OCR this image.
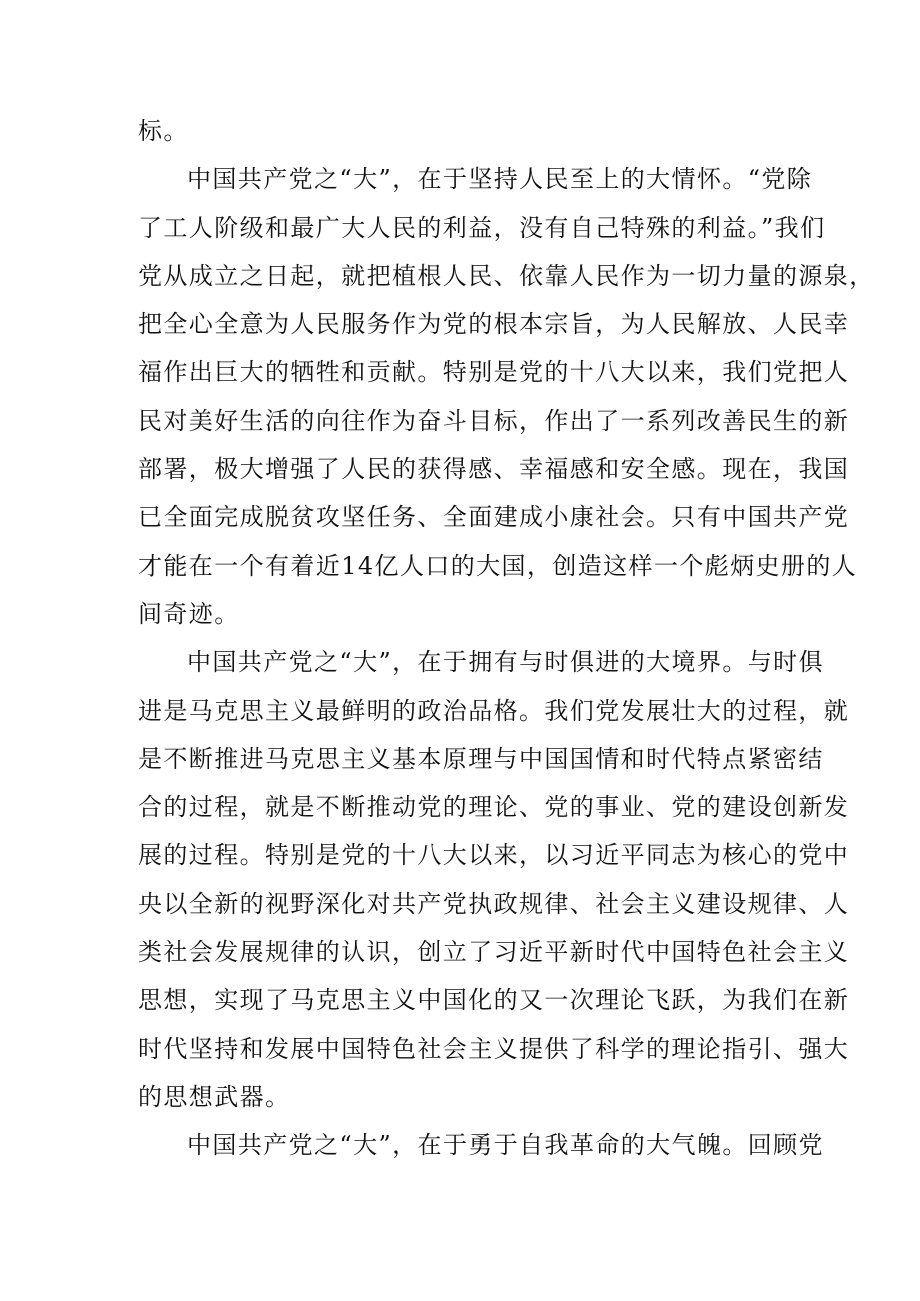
标。
中国共产党之“大”，在于坚持人民至上的大情怀。“党除
了工人阶级和最广大人民的利益，没有自己特殊的利益。”我们
党从成立之日起，就把植根人民、依靠人民作为一切力量的源泉，
把全心全意为人民服务作为党的根本宗旨，为人民解放、人民幸
福作出巨大的牺牲和贡献。特别是党的十八大以来，我们党把人
民对美好生活的向往作为奋斗目标，作出了一系列改善民生的新
部署，极大增强了人民的获得感、幸福感和安全感。现在，我国
已全面完成脱贫攻坚任务、全面建成小康社会。只有中国共产党
才能在一个有着近14亿人口的大国，创造这样一个彪炳史册的人
间奇迹。
中国共产党之“大”，在于拥有与时俱进的大境界。与时俱
进是马克思主义最鲜明的政治品格。我们党发展壮大的过程，就
是不断推进马克思主义基本原理与中国国情和时代特点紧密结
合的过程，就是不断推动党的理论、党的事业、党的建设创新发
展的过程。特别是党的十八大以来，以习近平同志为核心的党中
央以全新的视野深化对共产党执政规律、社会主义建设规律、人
类社会发展规律的认识，创立了习近平新时代中国特色社会主义
思想，实现了马克思主义中国化的又一次理论飞跃，为我们在新
时代坚持和发展中国特色社会主义提供了科学的理论指引、强大
的思想武器。
中国共产党之“大”，在于勇于自我革命的大气魄。回顾党
